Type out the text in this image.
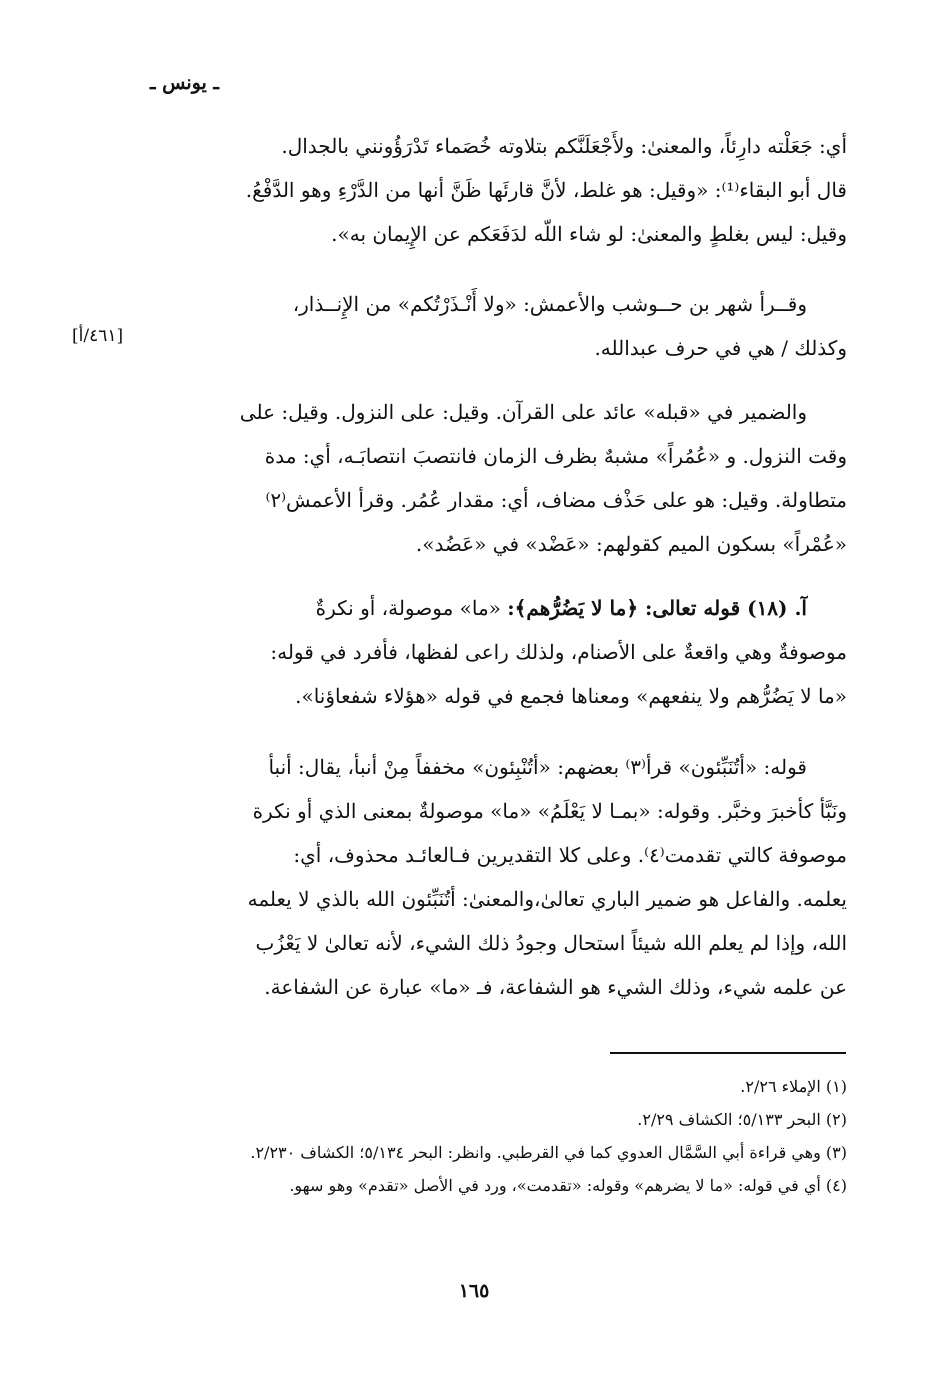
ـ يونس ـ

أي: جَعَلْته دارِئاً، والمعنىٰ: ولأَجْعَلَنَّكم بتلاوته خُصَماء تَدْرَؤُونني بالجدال.

قال أبو البقاء⁽¹⁾: «وقيل: هو غلط، لأنَّ قارئَها ظَنَّ أنها من الدَّرْءِ وهو الدَّفْعُ.

وقيل: ليس بغلطٍ والمعنىٰ: لو شاء اللّه لدَفَعَكم عن الإِيمان به».

وقــرأ شهر بن حــوشب والأعمش: «ولا أَنْـذَرْتُكم» من الإِنــذار،

وكذلك / هي في حرف عبدالله.

[٤٦١/أ]

والضمير في «قبله» عائد على القرآن. وقيل: على النزول. وقيل: على

وقت النزول. و «عُمُراً» مشبهٌ بظرف الزمان فانتصبَ انتصابَـه، أي: مدة

متطاولة. وقيل: هو على حَذْف مضاف، أي: مقدار عُمُر. وقرأ الأعمش⁽٢⁾

«عُمْراً» بسكون الميم كقولهم: «عَضْد» في «عَضُد».

آ. (١٨) قوله تعالى: ﴿ما لا يَضُرُّهم﴾: «ما» موصولة، أو نكرةٌ

موصوفةٌ وهي واقعةٌ على الأصنام، ولذلك راعى لفظها، فأفرد في قوله:

«ما لا يَضُرُّهم ولا ينفعهم» ومعناها فجمع في قوله «هؤلاء شفعاؤنا».

قوله: «أتُنَبِّئون» قرأ⁽٣⁾ بعضهم: «أتُنْبِئون» مخففاً مِنْ أنبأ، يقال: أنبأ

ونَبَّأ كأخبرَ وخبَّر. وقوله: «بمـا لا يَعْلَمُ» «ما» موصولةٌ بمعنى الذي أو نكرة

موصوفة كالتي تقدمت⁽٤⁾. وعلى كلا التقديرين فـالعائـد محذوف، أي:

يعلمه. والفاعل هو ضمير الباري تعالىٰ،والمعنىٰ: أتُنَبِّئون الله بالذي لا يعلمه

الله، وإذا لم يعلم الله شيئاً استحال وجودُ ذلك الشيء، لأنه تعالىٰ لا يَعْزُب

عن علمه شيء، وذلك الشيء هو الشفاعة، فـ «ما» عبارة عن الشفاعة.

(١) الإملاء ٢/٢٦.
(٢) البحر ٥/١٣٣؛ الكشاف ٢/٢٩.
(٣) وهي قراءة أبي السَّمَّال العدوي كما في القرطبي. وانظر: البحر ٥/١٣٤؛ الكشاف ٢/٢٣٠.
(٤) أي في قوله: «ما لا يضرهم» وقوله: «تقدمت»، ورد في الأصل «تقدم» وهو سهو.
١٦٥
